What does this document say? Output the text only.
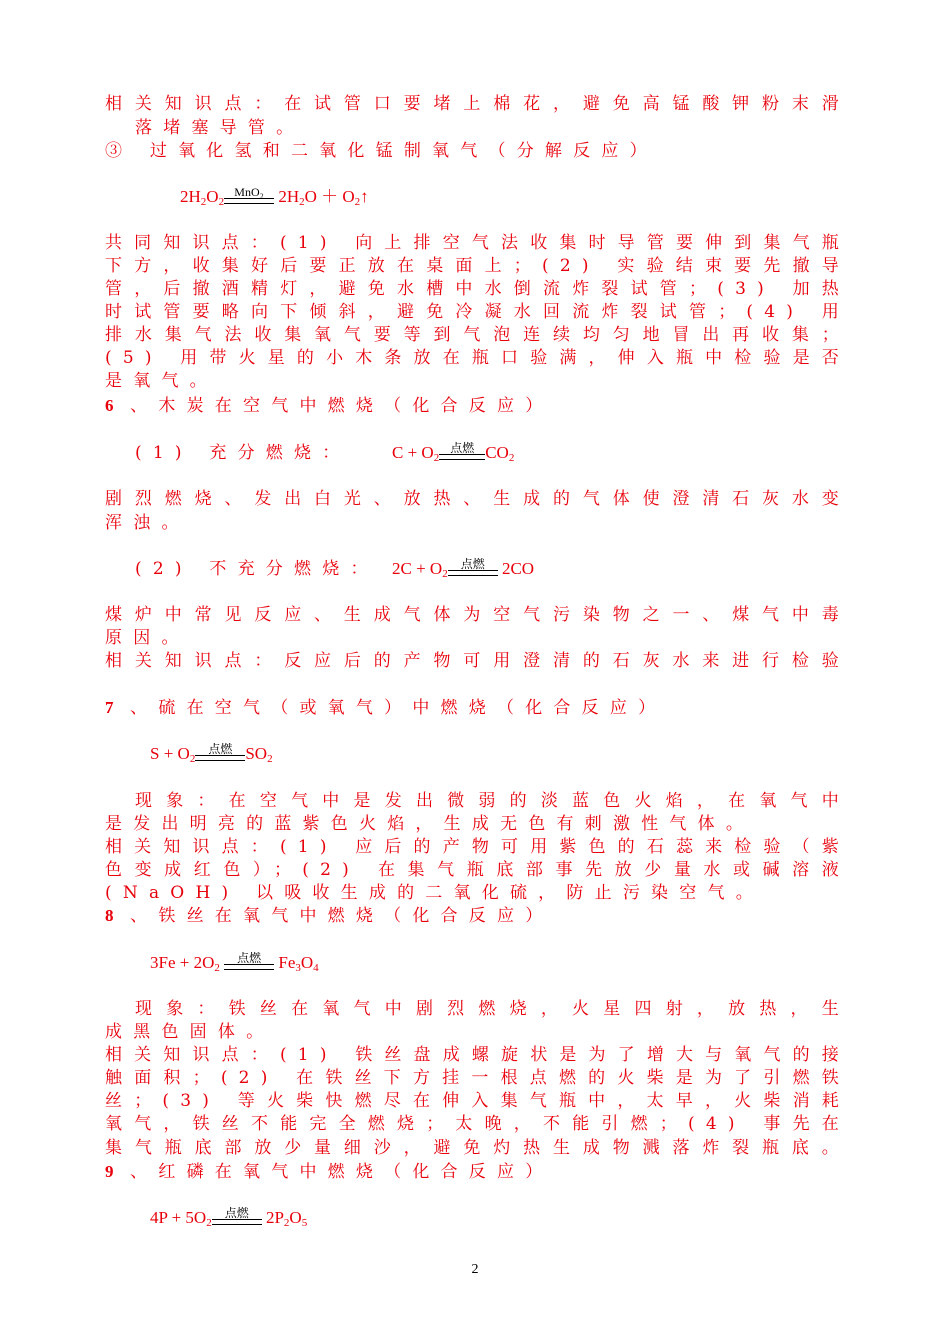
相关知识点：在试管口要堵上棉花，避免高锰酸钾粉末滑
落堵塞导管。
③ 过氧化氢和二氧化锰制氧气（分解反应）
$2H_2O_2$
MnO₂ $2H_2O$ ＋ $O_2↑$
共同知识点：(1) 向上排空气法收集时导管要伸到集气瓶
下方，收集好后要正放在桌面上；(2) 实验结束要先撤导
管，后撤酒精灯，避免水槽中水倒流炸裂试管；(3) 加热
时试管要略向下倾斜，避免冷凝水回流炸裂试管；(4) 用
排水集气法收集氧气要等到气泡连续均匀地冒出再收集；
(5) 用带火星的小木条放在瓶口验满，伸入瓶中检验是否
是氧气。
6 、木炭在空气中燃烧（化合反应）
(1) 充分燃烧：	$C + O_2$
点燃 $CO_2$
剧烈燃烧、发出白光、放热、生成的气体使澄清石灰水变
浑浊。
(2) 不充分燃烧： $2C + O_2$
点燃	2CO
煤炉中常见反应、生成气体为空气污染物之一、煤气中毒
原因。
相关知识点：反应后的产物可用澄清的石灰水来进行检验
7 、硫在空气（或氧气）中燃烧（化合反应）
$S + O_2$
点燃 $SO_2$
现象：在空气中是发出微弱的淡蓝色火焰，在氧气中
是发出明亮的蓝紫色火焰，生成无色有刺激性气体。
相关知识点：(1) 应后的产物可用紫色的石蕊来检验（紫
色变成红色）；(2) 在集气瓶底部事先放少量水或碱溶液
(NaOH) 以吸收生成的二氧化硫，防止污染空气。
8 、铁丝在氧气中燃烧（化合反应）
$3Fe + 2O_2$
点燃	$Fe_3O_4$
现象：铁丝在氧气中剧烈燃烧，火星四射，放热，生
成黑色固体。
相关知识点：(1) 铁丝盘成螺旋状是为了增大与氧气的接
触面积；(2) 在铁丝下方挂一根点燃的火柴是为了引燃铁
丝；(3) 等火柴快燃尽在伸入集气瓶中，太早，火柴消耗
氧气，铁丝不能完全燃烧；太晚，不能引燃；(4) 事先在
集气瓶底部放少量细沙，避免灼热生成物溅落炸裂瓶底。
9 、红磷在氧气中燃烧（化合反应）
$4P + 5O_2$
点燃	$2P_2O_5$
2
